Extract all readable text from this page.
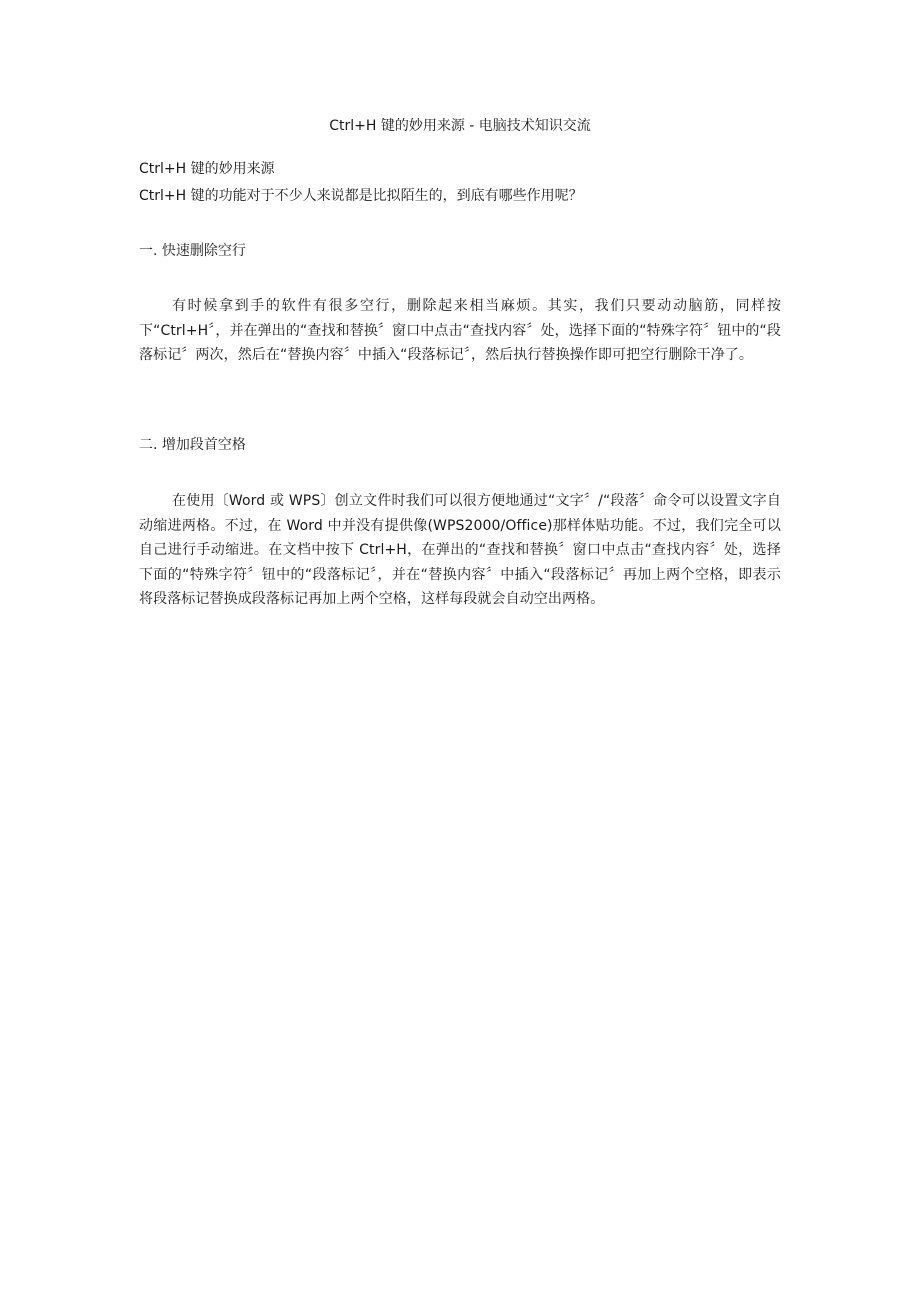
Ctrl+H 键的妙用来源 - 电脑技术知识交流
Ctrl+H 键的妙用来源
Ctrl+H 键的功能对于不少人来说都是比拟陌生的，到底有哪些作用呢？
一. 快速删除空行
有时候拿到手的软件有很多空行，删除起来相当麻烦。其实，我们只要动动脑筋，同样按下“Ctrl+H〞，并在弹出的“查找和替换〞窗口中点击“查找内容〞处，选择下面的“特殊字符〞钮中的“段落标记〞两次，然后在“替换内容〞中插入“段落标记〞，然后执行替换操作即可把空行删除干净了。
二. 增加段首空格
在使用〔Word 或 WPS〕创立文件时我们可以很方便地通过“文字〞/“段落〞命令可以设置文字自动缩进两格。不过，在 Word 中并没有提供像(WPS2000/Office)那样体贴功能。不过，我们完全可以自己进行手动缩进。在文档中按下 Ctrl+H，在弹出的“查找和替换〞窗口中点击“查找内容〞处，选择下面的“特殊字符〞钮中的“段落标记〞，并在“替换内容〞中插入“段落标记〞再加上两个空格，即表示将段落标记替换成段落标记再加上两个空格，这样每段就会自动空出两格。
